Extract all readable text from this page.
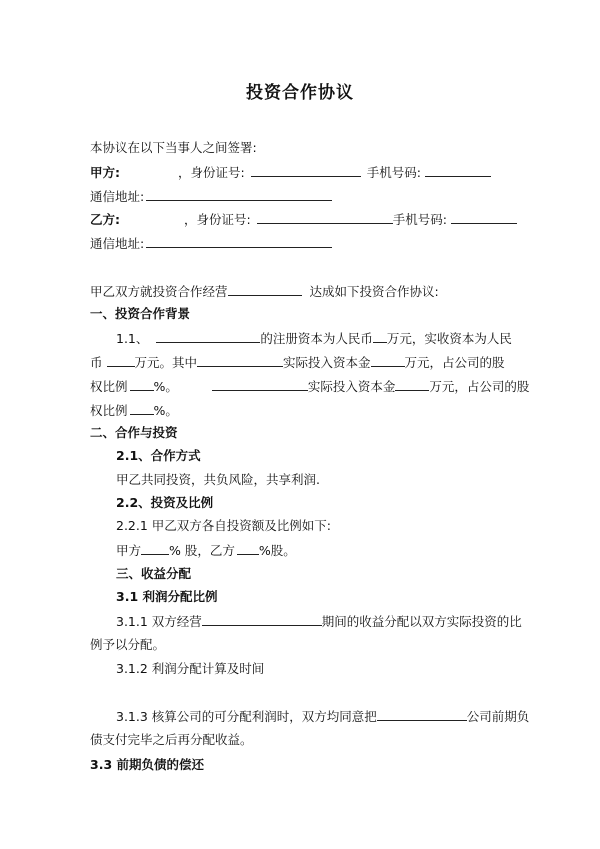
投资合作协议
本协议在以下当事人之间签署:
甲方:	，身份证号:	手机号码:
通信地址:
乙方:	，身份证号:	手机号码:
通信地址:
甲乙双方就投资合作经营	达成如下投资合作协议:
一、投资合作背景
1.1、	的注册资本为人民币 万元，实收资本为人民
币	万元。其中	实际投入资本金	万元，占公司的股
权比例 %。	实际投入资本金	万元，占公司的股
权比例 %。
二、合作与投资
2.1、合作方式
甲乙共同投资，共负风险，共享利润.
2.2、投资及比例
2.2.1 甲乙双方各自投资额及比例如下:
甲方 % 股，乙方 %股。
三、收益分配
3.1 利润分配比例
3.1.1 双方经营	期间的收益分配以双方实际投资的比
例予以分配。
3.1.2 利润分配计算及时间
3.1.3 核算公司的可分配利润时，双方均同意把	公司前期负
债支付完毕之后再分配收益。
3.3 前期负债的偿还
